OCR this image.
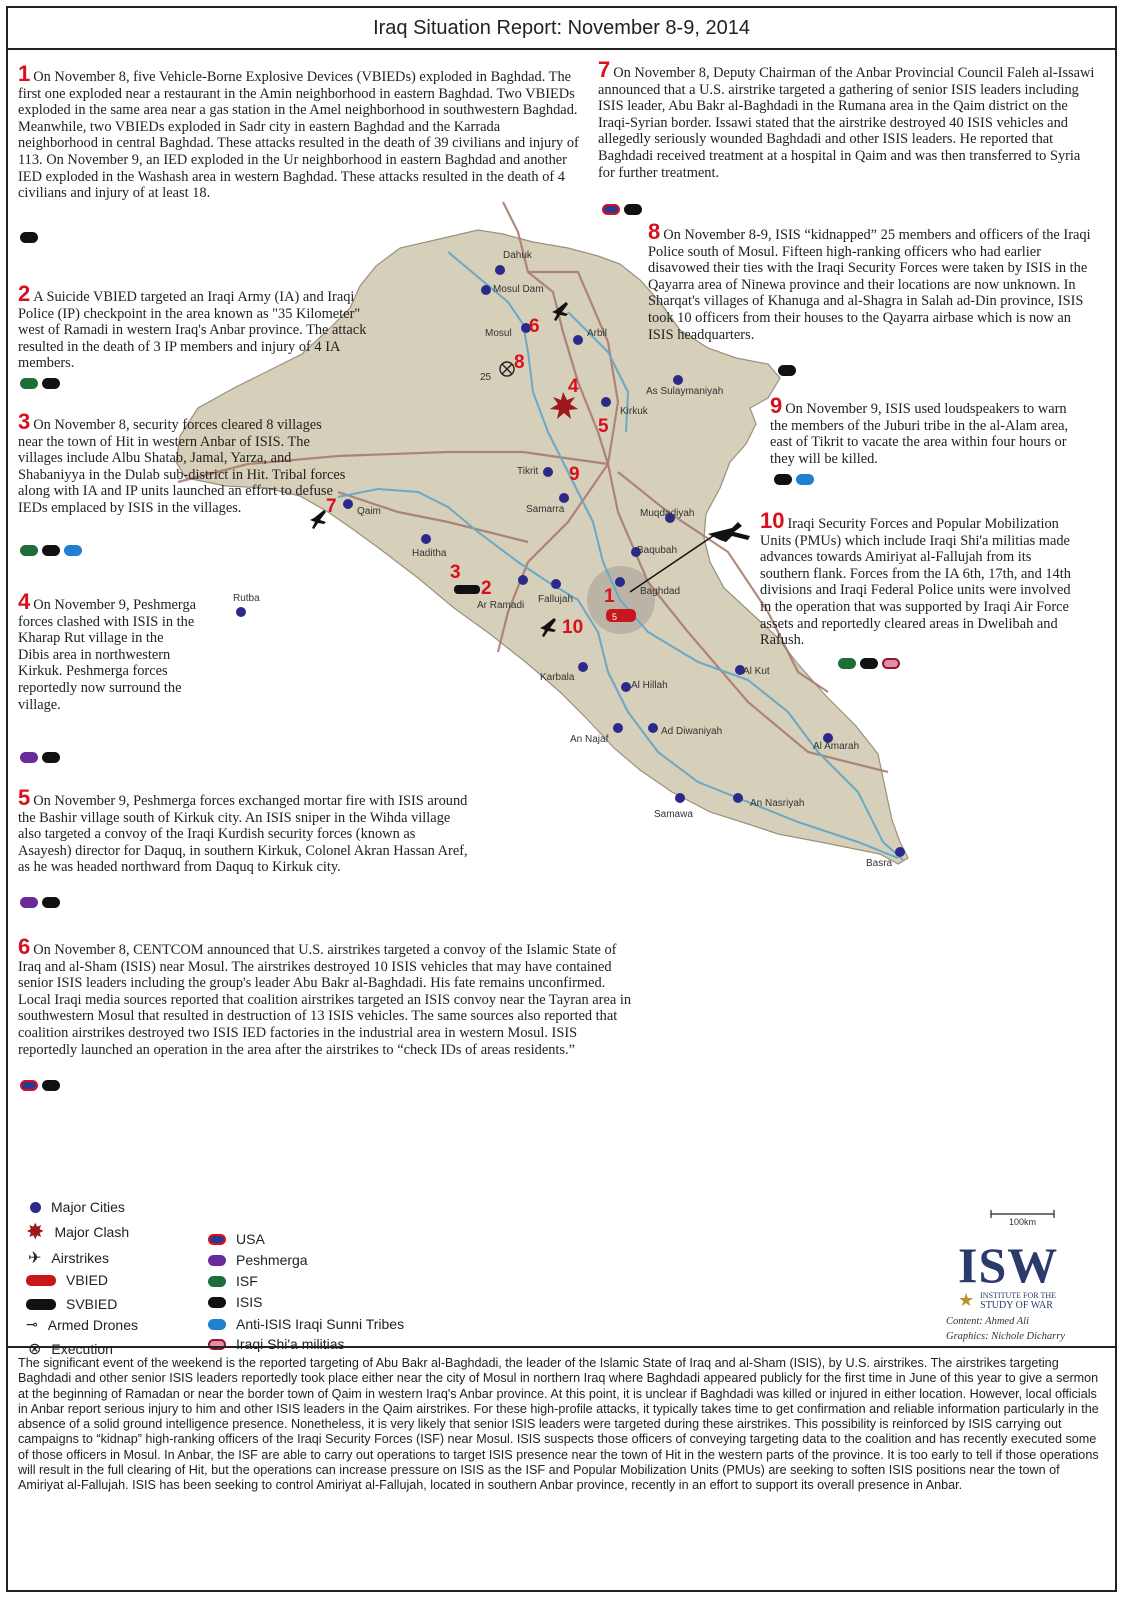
Iraq Situation Report: November 8-9, 2014
Dahuk
Mosul Dam
Mosul	Arbil
As Sulaymaniyah
Kirkuk
Tikrit
Samarra	Muqdadiyah
Baqubah
Baghdad
Qaim
Haditha
Rutba
Ar Ramadi
Fallujah
Karbala
Al Hillah
Al Kut
An Najaf
Ad Diwaniyah
Al Amarah
Samawa
An Nasriyah
Basra
25
5
6
8
4
5
9
7
3
2	1
10
1 On November 8, five Vehicle-Borne Explosive Devices (VBIEDs) exploded in Baghdad. The first one exploded near a restaurant in the Amin neighborhood in eastern Baghdad. Two VBIEDs exploded in the same area near a gas station in the Amel neighborhood in southwestern Baghdad. Meanwhile, two VBIEDs exploded in Sadr city in eastern Baghdad and the Karrada neighborhood in central Baghdad. These attacks resulted in the death of 39 civilians and injury of 113. On November 9, an IED exploded in the Ur neighborhood in eastern Baghdad and another IED exploded in the Washash area in western Baghdad. These attacks resulted in the death of 4 civilians and injury of at least 18.
2 A Suicide VBIED targeted an Iraqi Army (IA) and Iraqi Police (IP) checkpoint in the area known as "35 Kilometer" west of Ramadi in western Iraq's Anbar province. The attack resulted in the death of 3 IP members and injury of 4 IA members.
3 On November 8, security forces cleared 8 villages near the town of Hit in western Anbar of ISIS. The villages include Albu Shatab, Jamal, Yarza, and Shabaniyya in the Dulab sub-district in Hit. Tribal forces along with IA and IP units launched an effort to defuse IEDs emplaced by ISIS in the villages.
4 On November 9, Peshmerga forces clashed with ISIS in the Kharap Rut village in the Dibis area in northwestern Kirkuk. Peshmerga forces reportedly now surround the village.
5 On November 9, Peshmerga forces exchanged mortar fire with ISIS around the Bashir village south of Kirkuk city. An ISIS sniper in the Wihda village also targeted a convoy of the Iraqi Kurdish security forces (known as Asayesh) director for Daquq, in southern Kirkuk, Colonel Akran Hassan Aref, as he was headed northward from Daquq to Kirkuk city.
6 On November 8, CENTCOM announced that U.S. airstrikes targeted a convoy of the Islamic State of Iraq and al-Sham (ISIS) near Mosul. The airstrikes destroyed 10 ISIS vehicles that may have contained senior ISIS leaders including the group's leader Abu Bakr al-Baghdadi. His fate remains unconfirmed. Local Iraqi media sources reported that coalition airstrikes targeted an ISIS convoy near the Tayran area in southwestern Mosul that resulted in destruction of 13 ISIS vehicles. The same sources also reported that coalition airstrikes destroyed two ISIS IED factories in the industrial area in western Mosul. ISIS reportedly launched an operation in the area after the airstrikes to “check IDs of areas residents.”
7 On November 8, Deputy Chairman of the Anbar Provincial Council Faleh al-Issawi announced that a U.S. airstrike targeted a gathering of senior ISIS leaders including ISIS leader, Abu Bakr al-Baghdadi in the Rumana area in the Qaim district on the Iraqi-Syrian border. Issawi stated that the airstrike destroyed 40 ISIS vehicles and allegedly seriously wounded Baghdadi and other ISIS leaders. He reported that Baghdadi received treatment at a hospital in Qaim and was then transferred to Syria for further treatment.
8 On November 8-9, ISIS “kidnapped” 25 members and officers of the Iraqi Police south of Mosul. Fifteen high-ranking officers who had earlier disavowed their ties with the Iraqi Security Forces were taken by ISIS in the Qayarra area of Ninewa province and their locations are now unknown. In Sharqat's villages of Khanuga and al-Shagra in Salah ad-Din province, ISIS took 10 officers from their houses to the Qayarra airbase which is now an ISIS headquarters.
9 On November 9, ISIS used loudspeakers to warn the members of the Juburi tribe in the al-Alam area, east of Tikrit to vacate the area within four hours or they will be killed.
10 Iraqi Security Forces and Popular Mobilization Units (PMUs) which include Iraqi Shi'a militias made advances towards Amiriyat al-Fallujah from its southern flank. Forces from the IA 6th, 17th, and 14th divisions and Iraqi Federal Police units were involved in the operation that was supported by Iraqi Air Force assets and reportedly cleared areas in Dwelibah and Rafush.
Major Cities
✸ Major Clash
✈ Airstrikes
VBIED
SVBIED
⊸ Armed Drones
⊗ Execution
USA
Peshmerga
ISF
ISIS
Anti-ISIS Iraqi Sunni Tribes
Iraqi Shi'a militias
100km
ISW
★ INSTITUTE FOR THE
STUDY OF WAR
Content: Ahmed Ali
Graphics: Nichole Dicharry
The significant event of the weekend is the reported targeting of Abu Bakr al-Baghdadi, the leader of the Islamic State of Iraq and al-Sham (ISIS), by U.S. airstrikes. The airstrikes targeting Baghdadi and other senior ISIS leaders reportedly took place either near the city of Mosul in northern Iraq where Baghdadi appeared publicly for the first time in June of this year to give a sermon at the beginning of Ramadan or near the border town of Qaim in western Iraq's Anbar province. At this point, it is unclear if Baghdadi was killed or injured in either location. However, local officials in Anbar report serious injury to him and other ISIS leaders in the Qaim airstrikes. For these high-profile attacks, it typically takes time to get confirmation and reliable information particularly in the absence of a solid ground intelligence presence. Nonetheless, it is very likely that senior ISIS leaders were targeted during these airstrikes. This possibility is reinforced by ISIS carrying out campaigns to “kidnap” high-ranking officers of the Iraqi Security Forces (ISF) near Mosul. ISIS suspects those officers of conveying targeting data to the coalition and has recently executed some of those officers in Mosul. In Anbar, the ISF are able to carry out operations to target ISIS presence near the town of Hit in the western parts of the province. It is too early to tell if those operations will result in the full clearing of Hit, but the operations can increase pressure on ISIS as the ISF and Popular Mobilization Units (PMUs) are seeking to soften ISIS positions near the town of Amiriyat al-Fallujah. ISIS has been seeking to control Amiriyat al-Fallujah, located in southern Anbar province, recently in an effort to support its overall presence in Anbar.
